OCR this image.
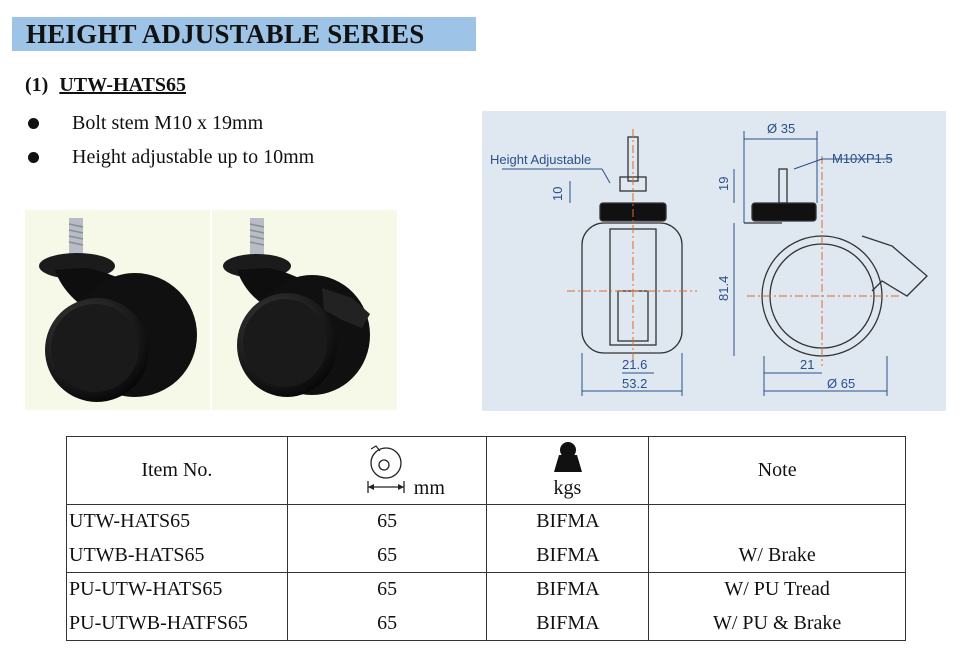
HEIGHT ADJUSTABLE SERIES
(1) UTW-HATS65
Bolt stem M10 x 19mm
Height adjustable up to 10mm	Height Adjustable
10
Ø 35
M10XP1.5
19
81.4
21.6
53.2
21
Ø 65
Item No.	mm	kgs	Note
UTW-HATS65	65	BIFMA	
UTWB-HATS65	65	BIFMA	W/ Brake
PU-UTW-HATS65	65	BIFMA	W/ PU Tread
PU-UTWB-HATFS65	65	BIFMA	W/ PU & Brake
